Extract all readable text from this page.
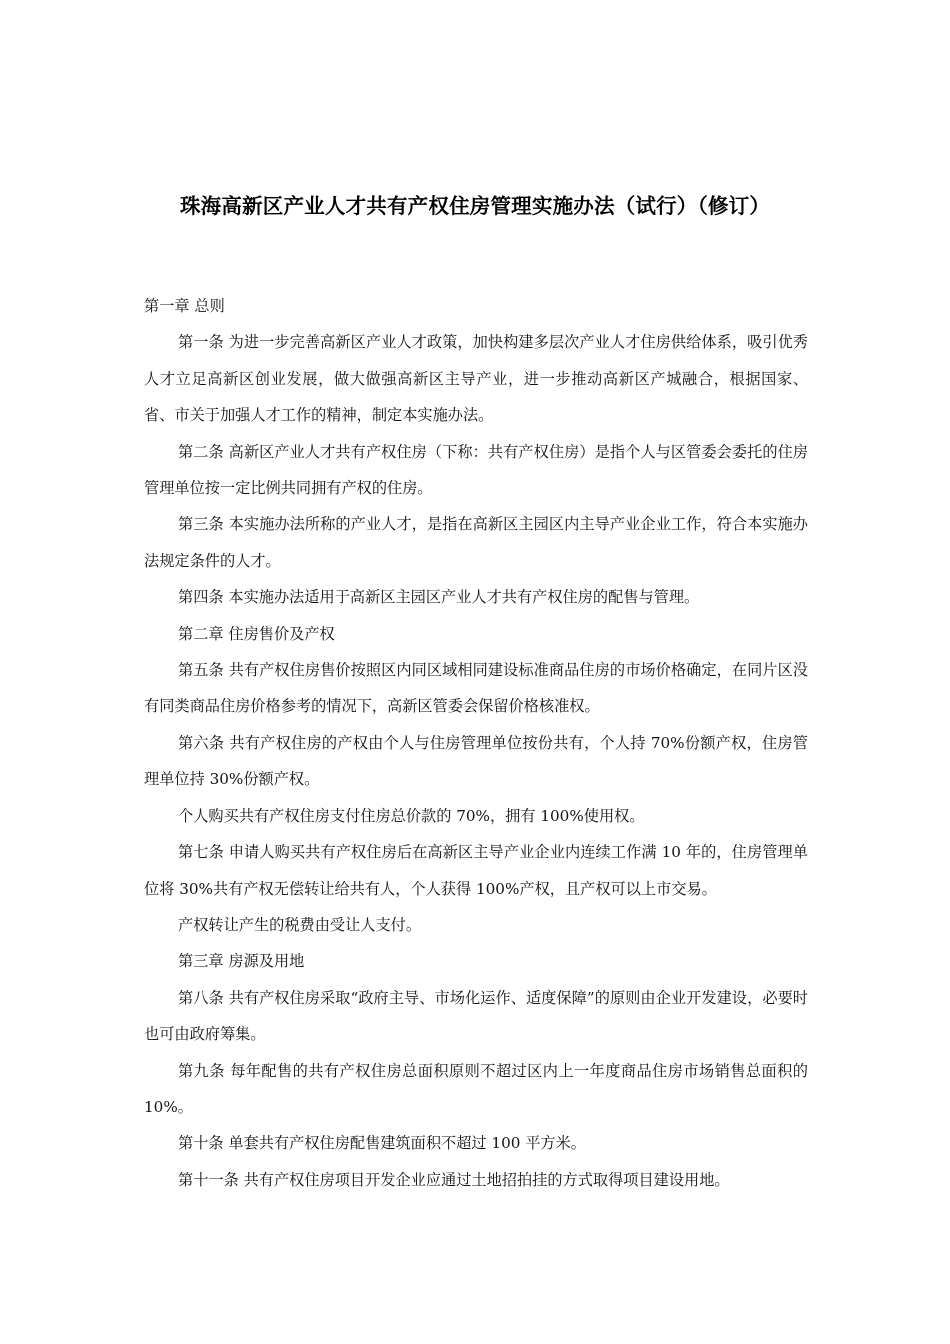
珠海高新区产业人才共有产权住房管理实施办法（试行）（修订）

第一章 总则

第一条 为进一步完善高新区产业人才政策，加快构建多层次产业人才住房供给体系，吸引优秀人才立足高新区创业发展，做大做强高新区主导产业，进一步推动高新区产城融合，根据国家、省、市关于加强人才工作的精神，制定本实施办法。

第二条 高新区产业人才共有产权住房（下称：共有产权住房）是指个人与区管委会委托的住房管理单位按一定比例共同拥有产权的住房。

第三条 本实施办法所称的产业人才，是指在高新区主园区内主导产业企业工作，符合本实施办法规定条件的人才。

第四条 本实施办法适用于高新区主园区产业人才共有产权住房的配售与管理。

第二章 住房售价及产权

第五条 共有产权住房售价按照区内同区域相同建设标准商品住房的市场价格确定，在同片区没有同类商品住房价格参考的情况下，高新区管委会保留价格核准权。

第六条 共有产权住房的产权由个人与住房管理单位按份共有，个人持 70%份额产权，住房管理单位持 30%份额产权。

个人购买共有产权住房支付住房总价款的 70%，拥有 100%使用权。

第七条 申请人购买共有产权住房后在高新区主导产业企业内连续工作满 10 年的，住房管理单位将 30%共有产权无偿转让给共有人，个人获得 100%产权，且产权可以上市交易。

产权转让产生的税费由受让人支付。

第三章 房源及用地

第八条 共有产权住房采取“政府主导、市场化运作、适度保障”的原则由企业开发建设，必要时也可由政府筹集。

第九条 每年配售的共有产权住房总面积原则不超过区内上一年度商品住房市场销售总面积的 10%。

第十条 单套共有产权住房配售建筑面积不超过 100 平方米。

第十一条 共有产权住房项目开发企业应通过土地招拍挂的方式取得项目建设用地。
